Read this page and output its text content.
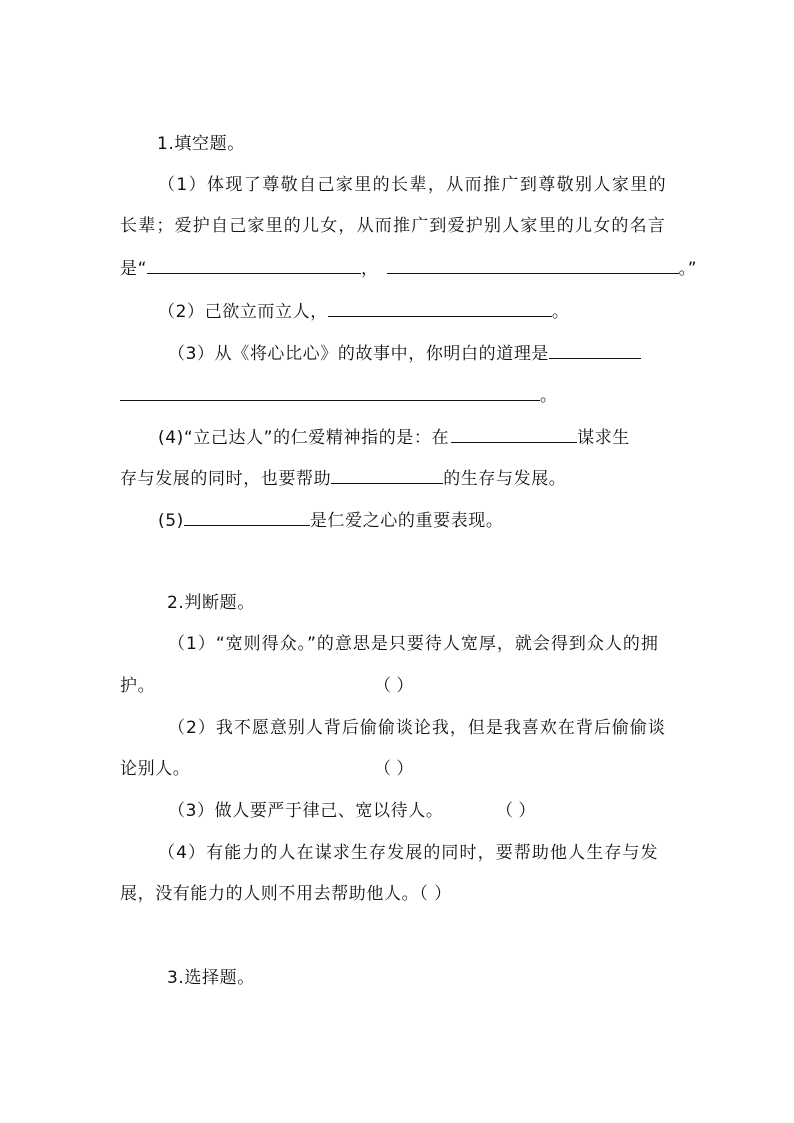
1.填空题。
（1）体现了尊敬自己家里的长辈，从而推广到尊敬别人家里的
长辈；爱护自己家里的儿女，从而推广到爱护别人家里的儿女的名言
是“	，	。”
（2）己欲立而立人，	。
（3）从《将心比心》的故事中，你明白的道理是
。
(4)“立己达人”的仁爱精神指的是：在	谋求生
存与发展的同时，也要帮助	的生存与发展。
(5)	是仁爱之心的重要表现。
2.判断题。
（1）“宽则得众。”的意思是只要待人宽厚，就会得到众人的拥
护。	（ ）
（2）我不愿意别人背后偷偷谈论我，但是我喜欢在背后偷偷谈
论别人。	（ ）
（3）做人要严于律己、宽以待人。	（ ）
（4）有能力的人在谋求生存发展的同时，要帮助他人生存与发
展，没有能力的人则不用去帮助他人。（ ）
3.选择题。
